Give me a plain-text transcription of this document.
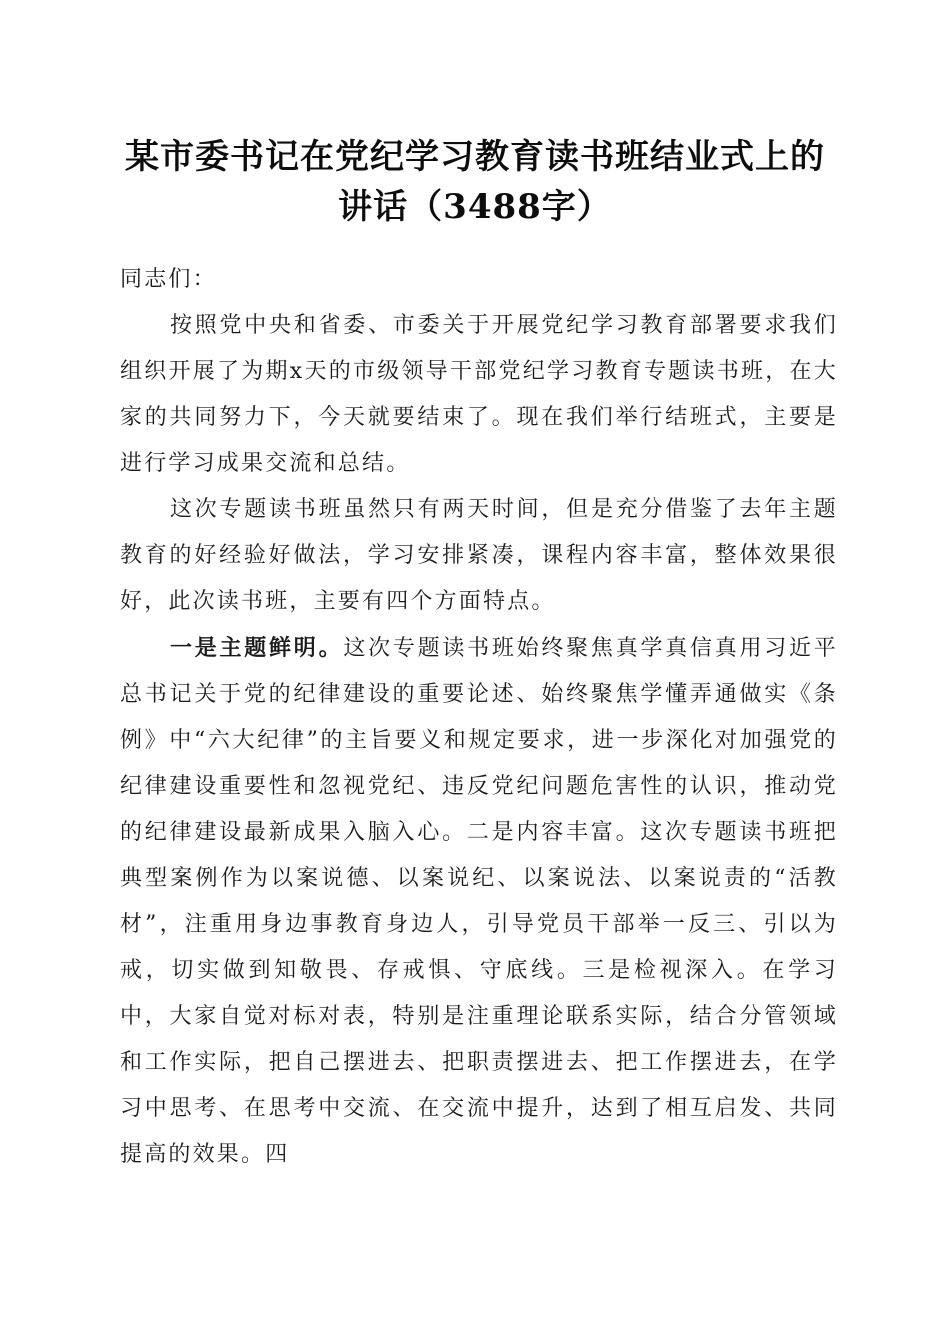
某市委书记在党纪学习教育读书班结业式上的
讲话（3488字）

同志们：

按照党中央和省委、市委关于开展党纪学习教育部署要求我们组织开展了为期x天的市级领导干部党纪学习教育专题读书班，在大家的共同努力下，今天就要结束了。现在我们举行结班式，主要是进行学习成果交流和总结。

这次专题读书班虽然只有两天时间，但是充分借鉴了去年主题教育的好经验好做法，学习安排紧凑，课程内容丰富，整体效果很好，此次读书班，主要有四个方面特点。

一是主题鲜明。这次专题读书班始终聚焦真学真信真用习近平总书记关于党的纪律建设的重要论述、始终聚焦学懂弄通做实《条例》中“六大纪律”的主旨要义和规定要求，进一步深化对加强党的纪律建设重要性和忽视党纪、违反党纪问题危害性的认识，推动党的纪律建设最新成果入脑入心。二是内容丰富。这次专题读书班把典型案例作为以案说德、以案说纪、以案说法、以案说责的“活教材”，注重用身边事教育身边人，引导党员干部举一反三、引以为戒，切实做到知敬畏、存戒惧、守底线。三是检视深入。在学习中，大家自觉对标对表，特别是注重理论联系实际，结合分管领域和工作实际，把自己摆进去、把职责摆进去、把工作摆进去，在学习中思考、在思考中交流、在交流中提升，达到了相互启发、共同提高的效果。四
